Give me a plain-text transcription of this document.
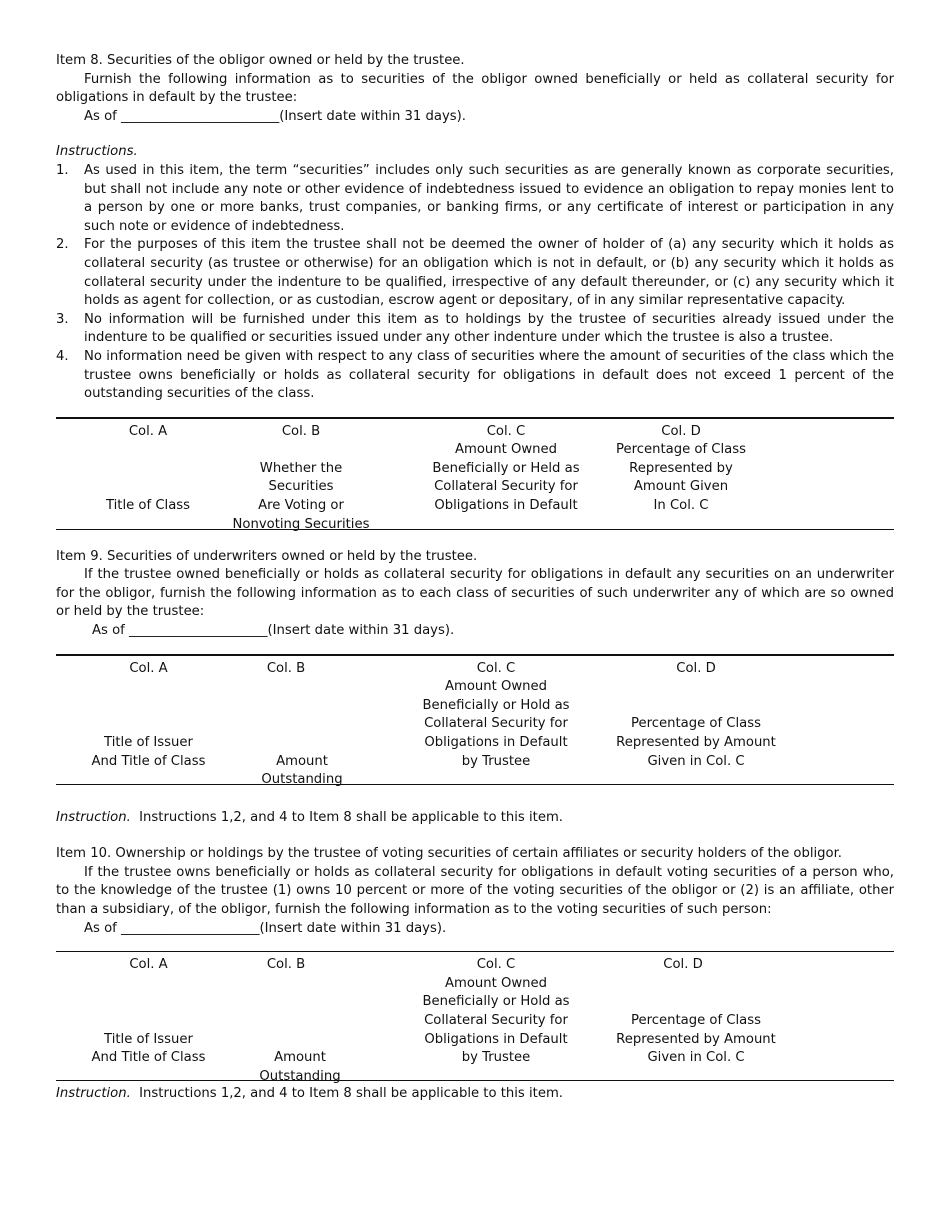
Item 8. Securities of the obligor owned or held by the trustee.

Furnish the following information as to securities of the obligor owned beneficially or held as collateral security for obligations in default by the trustee:

As of ________________________(Insert date within 31 days).

Instructions.

1. As used in this item, the term “securities” includes only such securities as are generally known as corporate securities, but shall not include any note or other evidence of indebtedness issued to evidence an obligation to repay monies lent to a person by one or more banks, trust companies, or banking firms, or any certificate of interest or participation in any such note or evidence of indebtedness.
2. For the purposes of this item the trustee shall not be deemed the owner of holder of (a) any security which it holds as collateral security (as trustee or otherwise) for an obligation which is not in default, or (b) any security which it holds as collateral security under the indenture to be qualified, irrespective of any default thereunder, or (c) any security which it holds as agent for collection, or as custodian, escrow agent or depositary, of in any similar representative capacity.
3. No information will be furnished under this item as to holdings by the trustee of securities already issued under the indenture to be qualified or securities issued under any other indenture under which the trustee is also a trustee.
4. No information need be given with respect to any class of securities where the amount of securities of the class which the trustee owns beneficially or holds as collateral security for obligations in default does not exceed 1 percent of the outstanding securities of the class.
Col. A
Title of Class
Col. B
Whether the Securities
Are Voting or
Nonvoting Securities
Col. C
Amount Owned
Beneficially or Held as
Collateral Security for
Obligations in Default
Col. D
Percentage of Class
Represented by
Amount Given
In Col. C

Item 9. Securities of underwriters owned or held by the trustee.

If the trustee owned beneficially or holds as collateral security for obligations in default any securities on an underwriter for the obligor, furnish the following information as to each class of securities of such underwriter any of which are so owned or held by the trustee:

As of _____________________(Insert date within 31 days).

Col. A
Title of Issuer
And Title of Class
Col. B
Amount Outstanding
Col. C
Amount Owned
Beneficially or Hold as
Collateral Security for
Obligations in Default
by Trustee
Col. D
Percentage of Class
Represented by Amount
Given in Col. C

Instruction. Instructions 1,2, and 4 to Item 8 shall be applicable to this item.

Item 10. Ownership or holdings by the trustee of voting securities of certain affiliates or security holders of the obligor.

If the trustee owns beneficially or holds as collateral security for obligations in default voting securities of a person who, to the knowledge of the trustee (1) owns 10 percent or more of the voting securities of the obligor or (2) is an affiliate, other than a subsidiary, of the obligor, furnish the following information as to the voting securities of such person:

As of _____________________(Insert date within 31 days).

Col. A
Title of Issuer
And Title of Class
Col. B
Amount Outstanding
Col. C
Amount Owned
Beneficially or Hold as
Collateral Security for
Obligations in Default
by Trustee
Col. D
Percentage of Class
Represented by Amount
Given in Col. C

Instruction. Instructions 1,2, and 4 to Item 8 shall be applicable to this item.
